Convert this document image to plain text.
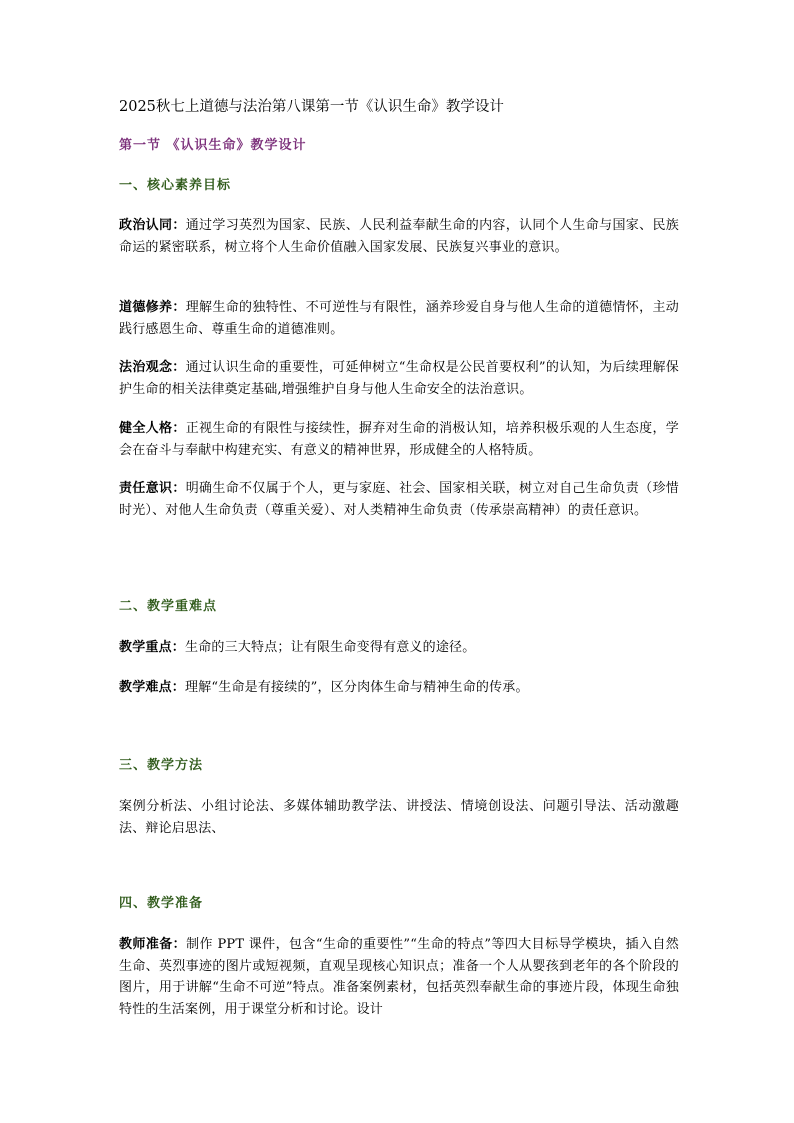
2025秋七上道德与法治第八课第一节《认识生命》教学设计
第一节 《认识生命》教学设计
一、核心素养目标
政治认同：通过学习英烈为国家、民族、人民利益奉献生命的内容，认同个人生命与国家、民族命运的紧密联系，树立将个人生命价值融入国家发展、民族复兴事业的意识。
道德修养：理解生命的独特性、不可逆性与有限性，涵养珍爱自身与他人生命的道德情怀，主动践行感恩生命、尊重生命的道德准则。
法治观念：通过认识生命的重要性，可延伸树立“生命权是公民首要权利”的认知，为后续理解保护生命的相关法律奠定基础,增强维护自身与他人生命安全的法治意识。
健全人格：正视生命的有限性与接续性，摒弃对生命的消极认知，培养积极乐观的人生态度，学会在奋斗与奉献中构建充实、有意义的精神世界，形成健全的人格特质。
责任意识：明确生命不仅属于个人，更与家庭、社会、国家相关联，树立对自己生命负责（珍惜时光）、对他人生命负责（尊重关爱）、对人类精神生命负责（传承崇高精神）的责任意识。
二、教学重难点
教学重点：生命的三大特点；让有限生命变得有意义的途径。
教学难点：理解“生命是有接续的”，区分肉体生命与精神生命的传承。
三、教学方法
案例分析法、小组讨论法、多媒体辅助教学法、讲授法、情境创设法、问题引导法、活动激趣法、辩论启思法、
四、教学准备
教师准备：制作 PPT 课件，包含“生命的重要性”“生命的特点”等四大目标导学模块，插入自然生命、英烈事迹的图片或短视频，直观呈现核心知识点；准备一个人从婴孩到老年的各个阶段的图片，用于讲解“生命不可逆”特点。准备案例素材，包括英烈奉献生命的事迹片段，体现生命独特性的生活案例，用于课堂分析和讨论。设计
